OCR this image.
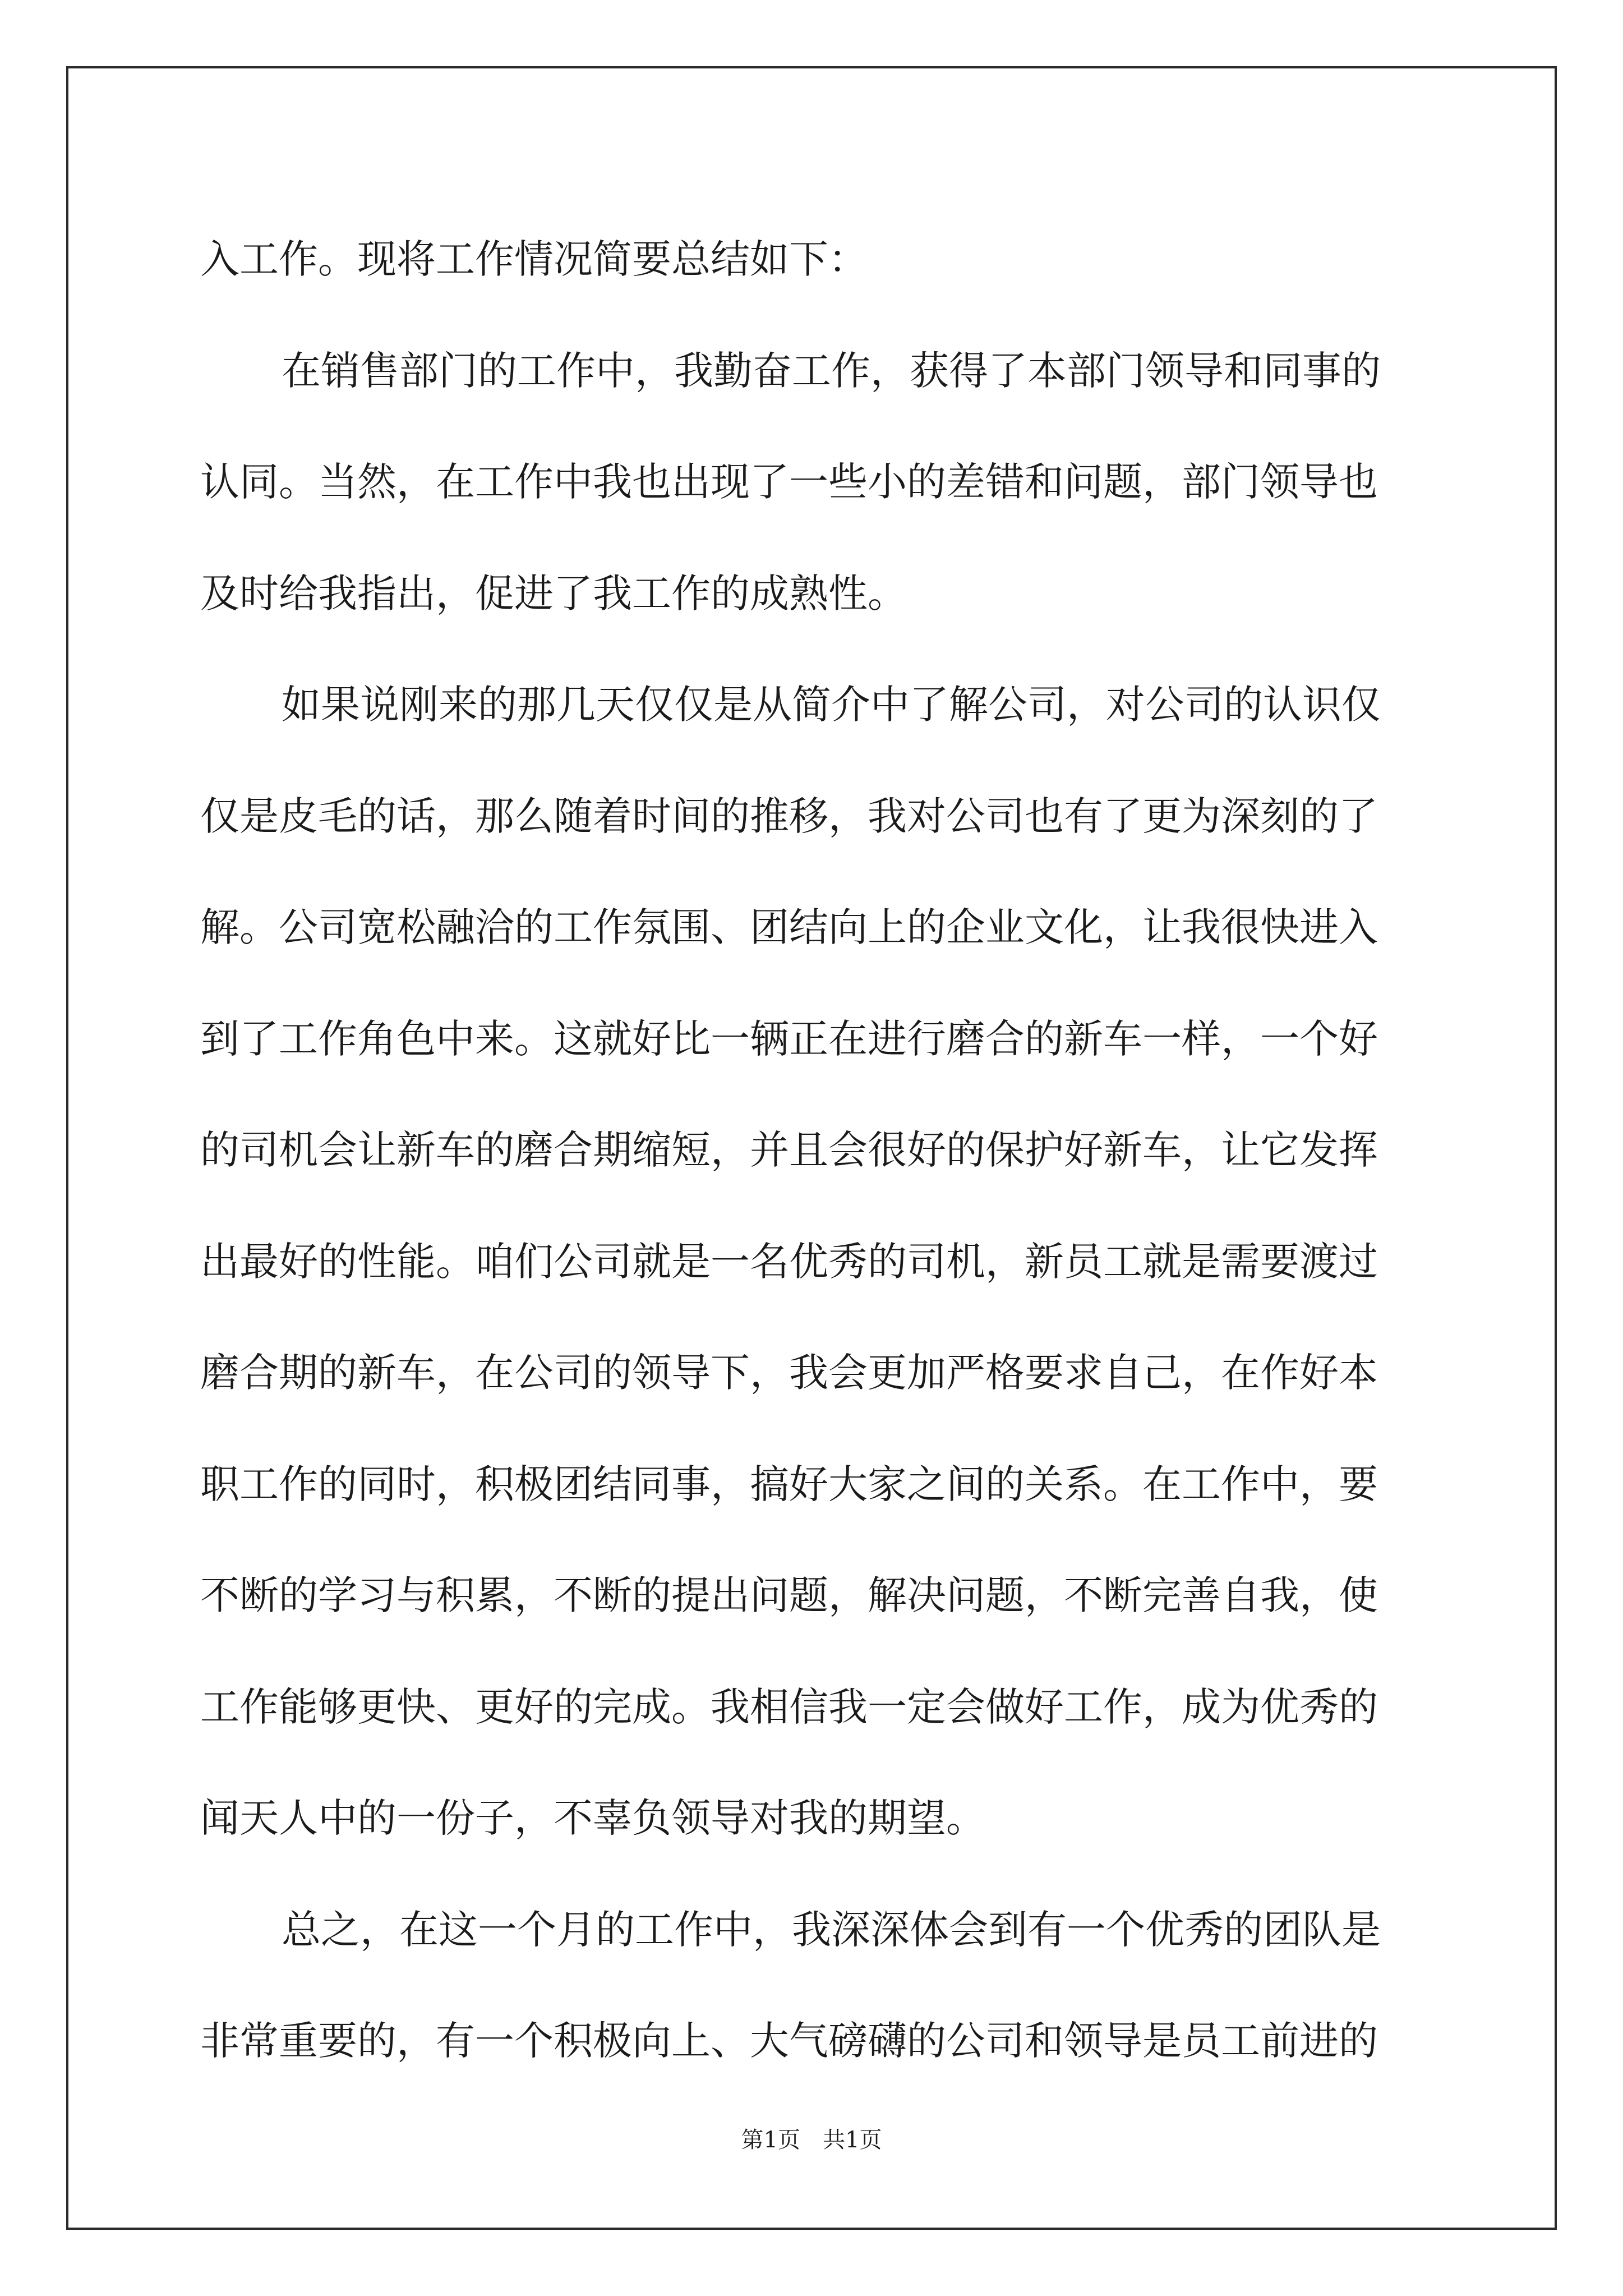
入工作。现将工作情况简要总结如下：
在销售部门的工作中，我勤奋工作，获得了本部门领导和同事的
认同。当然，在工作中我也出现了一些小的差错和问题，部门领导也
及时给我指出，促进了我工作的成熟性。
如果说刚来的那几天仅仅是从简介中了解公司，对公司的认识仅
仅是皮毛的话，那么随着时间的推移，我对公司也有了更为深刻的了
解。公司宽松融洽的工作氛围、团结向上的企业文化，让我很快进入
到了工作角色中来。这就好比一辆正在进行磨合的新车一样，一个好
的司机会让新车的磨合期缩短，并且会很好的保护好新车，让它发挥
出最好的性能。咱们公司就是一名优秀的司机，新员工就是需要渡过
磨合期的新车，在公司的领导下，我会更加严格要求自己，在作好本
职工作的同时，积极团结同事，搞好大家之间的关系。在工作中，要
不断的学习与积累，不断的提出问题，解决问题，不断完善自我，使
工作能够更快、更好的完成。我相信我一定会做好工作，成为优秀的
闻天人中的一份子，不辜负领导对我的期望。
总之，在这一个月的工作中，我深深体会到有一个优秀的团队是
非常重要的，有一个积极向上、大气磅礴的公司和领导是员工前进的
第1页　共1页
